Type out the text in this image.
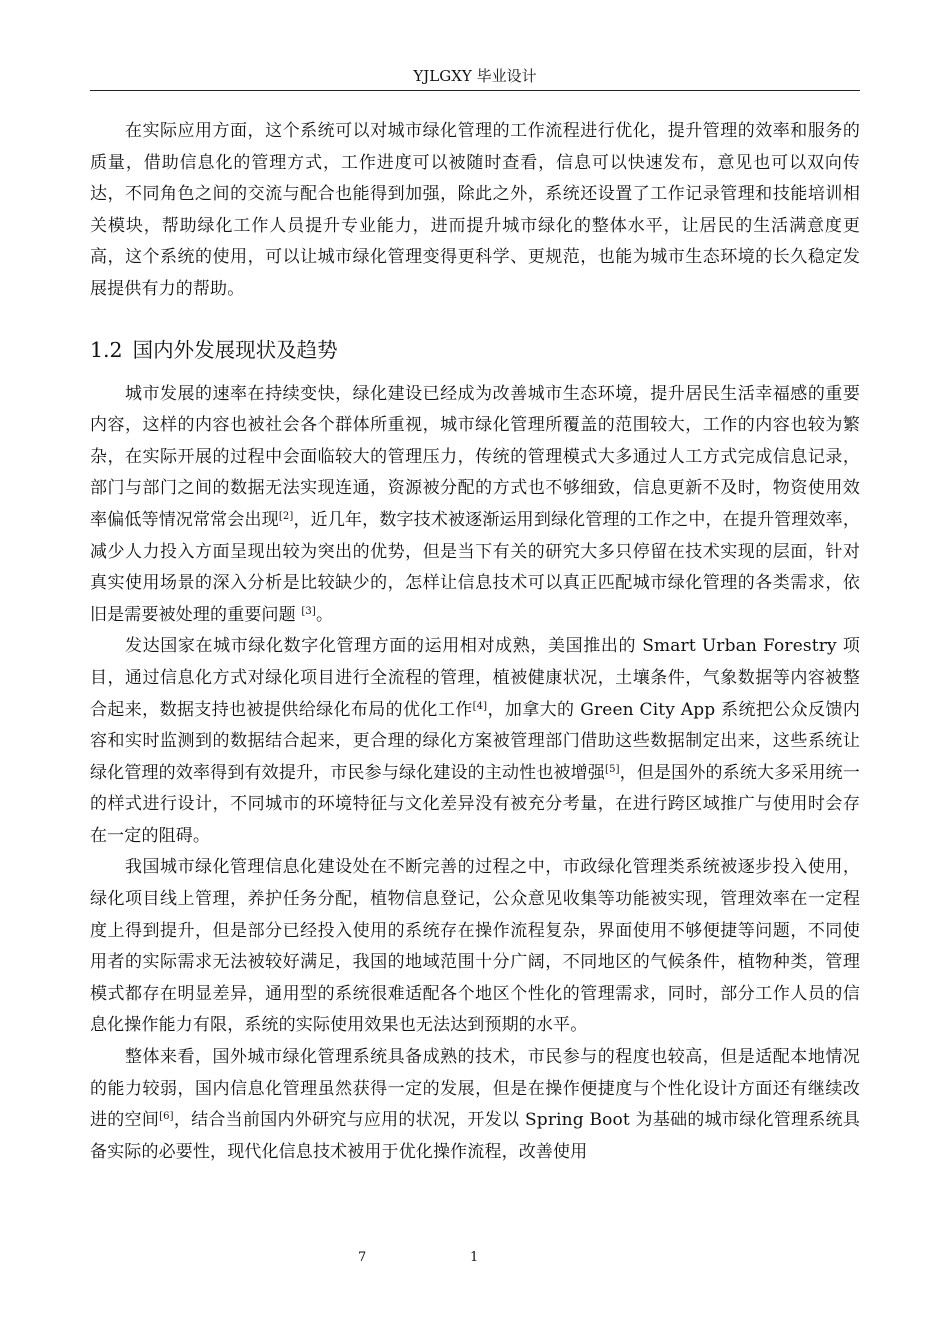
YJLGXY 毕业设计

在实际应用方面，这个系统可以对城市绿化管理的工作流程进行优化，提升管理的效率和服务的质量，借助信息化的管理方式，工作进度可以被随时查看，信息可以快速发布，意见也可以双向传达，不同角色之间的交流与配合也能得到加强，除此之外，系统还设置了工作记录管理和技能培训相关模块，帮助绿化工作人员提升专业能力，进而提升城市绿化的整体水平，让居民的生活满意度更高，这个系统的使用，可以让城市绿化管理变得更科学、更规范，也能为城市生态环境的长久稳定发展提供有力的帮助。

1.2 国内外发展现状及趋势

城市发展的速率在持续变快，绿化建设已经成为改善城市生态环境，提升居民生活幸福感的重要内容，这样的内容也被社会各个群体所重视，城市绿化管理所覆盖的范围较大，工作的内容也较为繁杂，在实际开展的过程中会面临较大的管理压力，传统的管理模式大多通过人工方式完成信息记录，部门与部门之间的数据无法实现连通，资源被分配的方式也不够细致，信息更新不及时，物资使用效率偏低等情况常常会出现[2]，近几年，数字技术被逐渐运用到绿化管理的工作之中，在提升管理效率，减少人力投入方面呈现出较为突出的优势，但是当下有关的研究大多只停留在技术实现的层面，针对真实使用场景的深入分析是比较缺少的，怎样让信息技术可以真正匹配城市绿化管理的各类需求，依旧是需要被处理的重要问题 [3]。

发达国家在城市绿化数字化管理方面的运用相对成熟，美国推出的 Smart Urban Forestry 项目，通过信息化方式对绿化项目进行全流程的管理，植被健康状况，土壤条件，气象数据等内容被整合起来，数据支持也被提供给绿化布局的优化工作[4]，加拿大的 Green City App 系统把公众反馈内容和实时监测到的数据结合起来，更合理的绿化方案被管理部门借助这些数据制定出来，这些系统让绿化管理的效率得到有效提升，市民参与绿化建设的主动性也被增强[5]，但是国外的系统大多采用统一的样式进行设计，不同城市的环境特征与文化差异没有被充分考量，在进行跨区域推广与使用时会存在一定的阻碍。

我国城市绿化管理信息化建设处在不断完善的过程之中，市政绿化管理类系统被逐步投入使用，绿化项目线上管理，养护任务分配，植物信息登记，公众意见收集等功能被实现，管理效率在一定程度上得到提升，但是部分已经投入使用的系统存在操作流程复杂，界面使用不够便捷等问题，不同使用者的实际需求无法被较好满足，我国的地域范围十分广阔，不同地区的气候条件，植物种类，管理模式都存在明显差异，通用型的系统很难适配各个地区个性化的管理需求，同时，部分工作人员的信息化操作能力有限，系统的实际使用效果也无法达到预期的水平。

整体来看，国外城市绿化管理系统具备成熟的技术，市民参与的程度也较高，但是适配本地情况的能力较弱，国内信息化管理虽然获得一定的发展，但是在操作便捷度与个性化设计方面还有继续改进的空间[6]，结合当前国内外研究与应用的状况，开发以 Spring Boot 为基础的城市绿化管理系统具备实际的必要性，现代化信息技术被用于优化操作流程，改善使用

7	1
